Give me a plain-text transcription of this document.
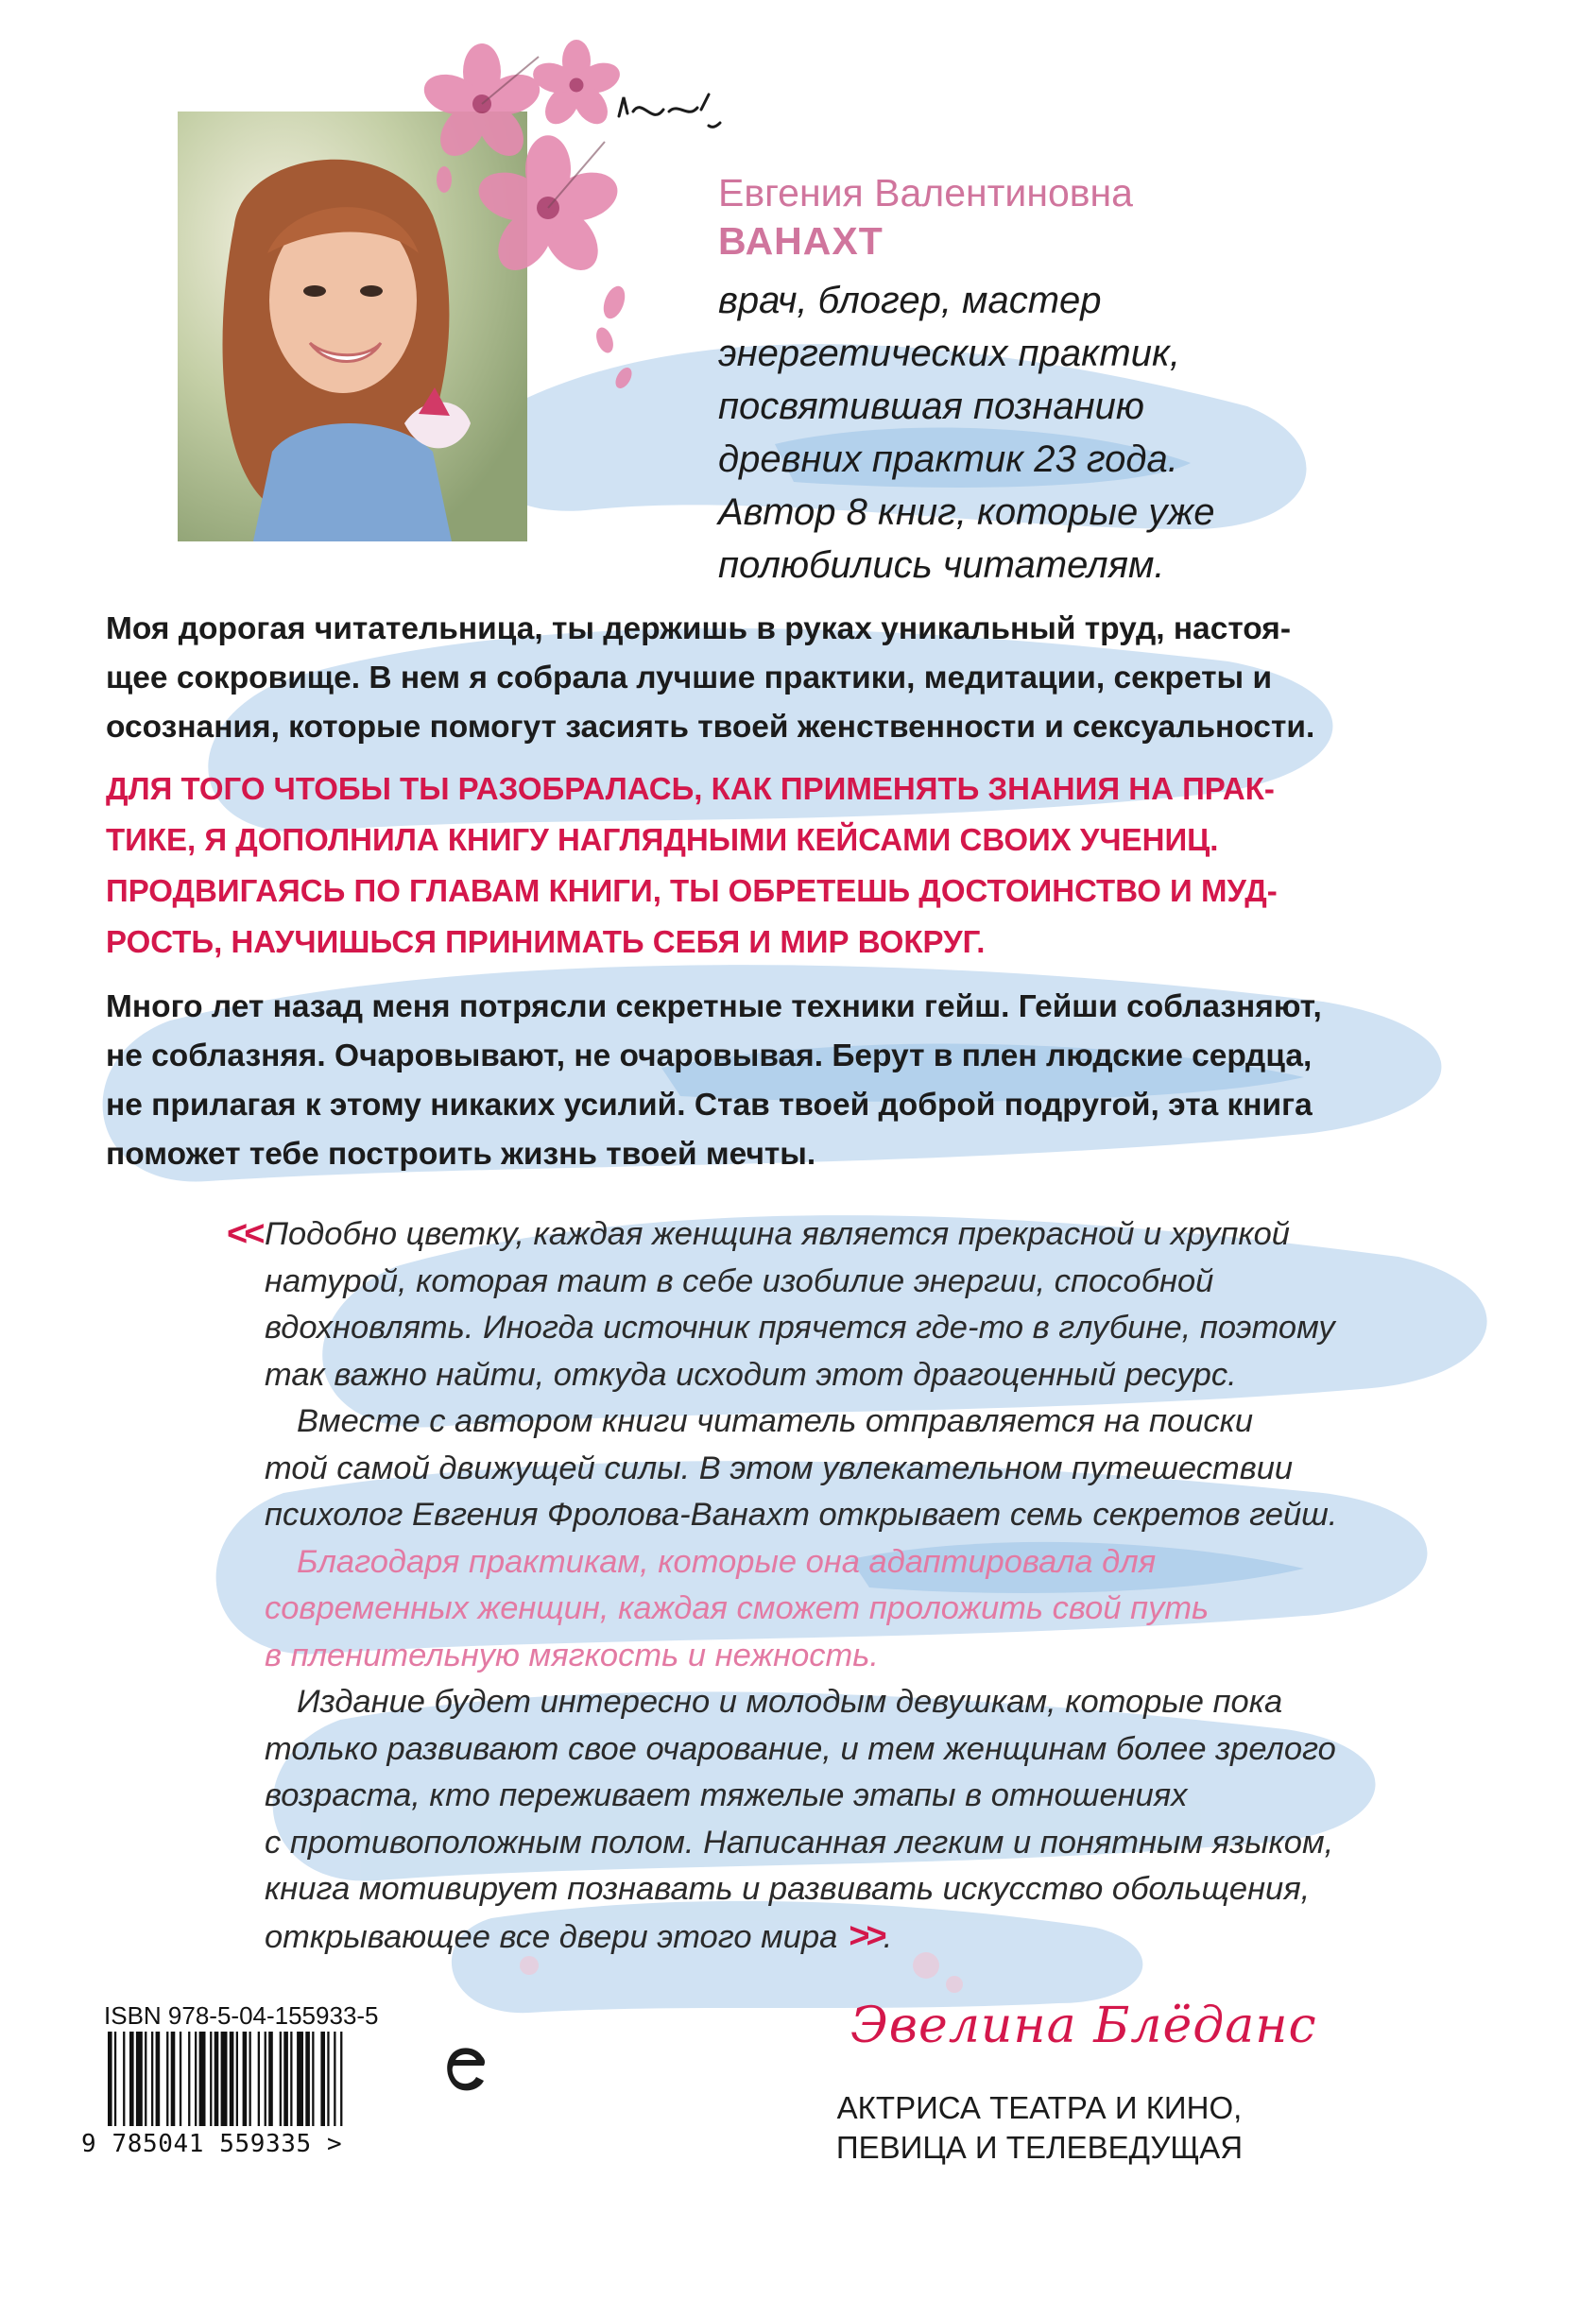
Евгения Валентиновна
ВАНАХТ
врач, блогер, мастер
энергетических практик,
посвятившая познанию
древних практик 23 года.
Автор 8 книг, которые уже
полюбились читателям.
Моя дорогая читательница, ты держишь в руках уникальный труд, настоя-
щее сокровище. В нем я собрала лучшие практики, медитации, секреты и
осознания, которые помогут засиять твоей женственности и сексуальности.
ДЛЯ ТОГО ЧТОБЫ ТЫ РАЗОБРАЛАСЬ, КАК ПРИМЕНЯТЬ ЗНАНИЯ НА ПРАК-
ТИКЕ, Я ДОПОЛНИЛА КНИГУ НАГЛЯДНЫМИ КЕЙСАМИ СВОИХ УЧЕНИЦ.
ПРОДВИГАЯСЬ ПО ГЛАВАМ КНИГИ, ТЫ ОБРЕТЕШЬ ДОСТОИНСТВО И МУД-
РОСТЬ, НАУЧИШЬСЯ ПРИНИМАТЬ СЕБЯ И МИР ВОКРУГ.
Много лет назад меня потрясли секретные техники гейш. Гейши соблазняют,
не соблазняя. Очаровывают, не очаровывая. Берут в плен людские сердца,
не прилагая к этому никаких усилий. Став твоей доброй подругой, эта книга
поможет тебе построить жизнь твоей мечты.
<< Подобно цветку, каждая женщина является прекрасной и хрупкой
натурой, которая таит в себе изобилие энергии, способной
вдохновлять. Иногда источник прячется где-то в глубине, поэтому
так важно найти, откуда исходит этот драгоценный ресурс.
Вместе с автором книги читатель отправляется на поиски
той самой движущей силы. В этом увлекательном путешествии
психолог Евгения Фролова-Ванахт открывает семь секретов гейш.
Благодаря практикам, которые она адаптировала для
современных женщин, каждая сможет проложить свой путь
в пленительную мягкость и нежность.
Издание будет интересно и молодым девушкам, которые пока
только развивают свое очарование, и тем женщинам более зрелого
возраста, кто переживает тяжелые этапы в отношениях
с противоположным полом. Написанная легким и понятным языком,
книга мотивирует познавать и развивать искусство обольщения,
открывающее все двери этого мира >>.
ISBN 978-5-04-155933-5
9 785041 559335 >
Эвелина Блёданс
АКТРИСА ТЕАТРА И КИНО,
ПЕВИЦА И ТЕЛЕВЕДУЩАЯ
